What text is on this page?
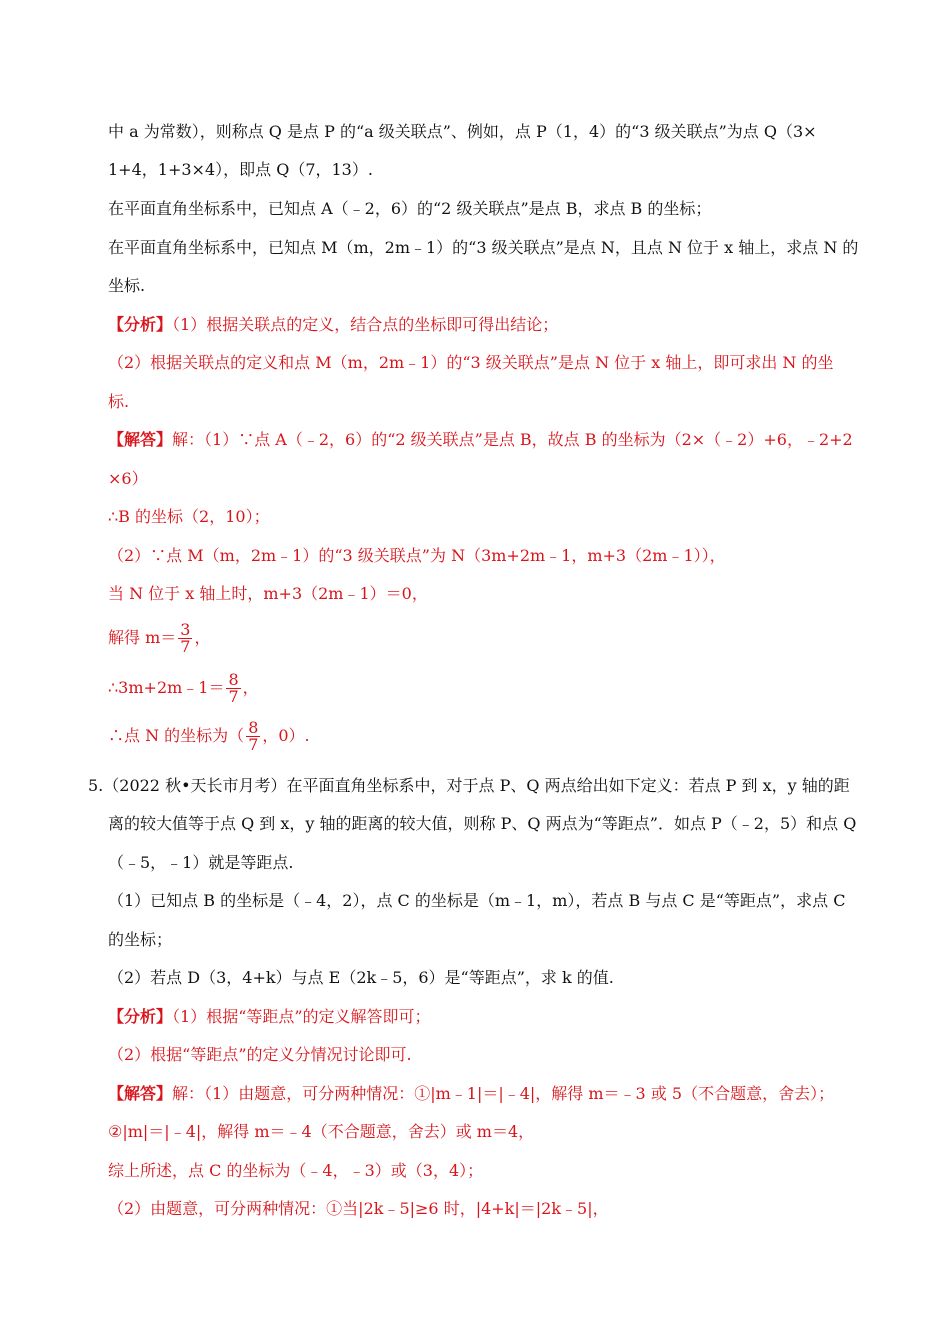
中 a 为常数），则称点 Q 是点 P 的“a 级关联点”、例如，点 P（1，4）的“3 级关联点”为点 Q（3×
1+4，1+3×4），即点 Q（7，13）.
在平面直角坐标系中，已知点 A（﹣2，6）的“2 级关联点”是点 B，求点 B 的坐标；
在平面直角坐标系中，已知点 M（m，2m﹣1）的“3 级关联点”是点 N，且点 N 位于 x 轴上，求点 N 的
坐标.
【分析】（1）根据关联点的定义，结合点的坐标即可得出结论；
（2）根据关联点的定义和点 M（m，2m﹣1）的“3 级关联点”是点 N 位于 x 轴上，即可求出 N 的坐
标.
【解答】解：（1）∵点 A（﹣2，6）的“2 级关联点”是点 B，故点 B 的坐标为（2×（﹣2）+6，﹣2+2
×6）
∴B 的坐标（2，10）；
（2）∵点 M（m，2m﹣1）的“3 级关联点”为 N（3m+2m﹣1，m+3（2m﹣1）），
当 N 位于 x 轴上时，m+3（2m﹣1）＝0，
解得 $m= \frac{3}{7}$ ，
∴3m+2m﹣1＝ $\frac{8}{7}$ ，
∴点 N 的坐标为（ $\frac{8}{7}$ ，0）.
5.（2022 秋•天长市月考）在平面直角坐标系中，对于点 P、Q 两点给出如下定义：若点 P 到 x，y 轴的距
离的较大值等于点 Q 到 x，y 轴的距离的较大值，则称 P、Q 两点为“等距点”．如点 P（﹣2，5）和点 Q
（﹣5，﹣1）就是等距点.
（1）已知点 B 的坐标是（﹣4，2），点 C 的坐标是（m﹣1，m），若点 B 与点 C 是“等距点”，求点 C
的坐标；
（2）若点 D（3，4+k）与点 E（2k﹣5，6）是“等距点”，求 k 的值.
【分析】（1）根据“等距点”的定义解答即可；
（2）根据“等距点”的定义分情况讨论即可.
【解答】解：（1）由题意，可分两种情况：①|m﹣1|＝|﹣4|，解得 m＝﹣3 或 5（不合题意，舍去）；
②|m|＝|﹣4|，解得 m＝﹣4（不合题意，舍去）或 m＝4，
综上所述，点 C 的坐标为（﹣4，﹣3）或（3，4）；
（2）由题意，可分两种情况：①当|2k﹣5|≥6 时，|4+k|＝|2k﹣5|，
